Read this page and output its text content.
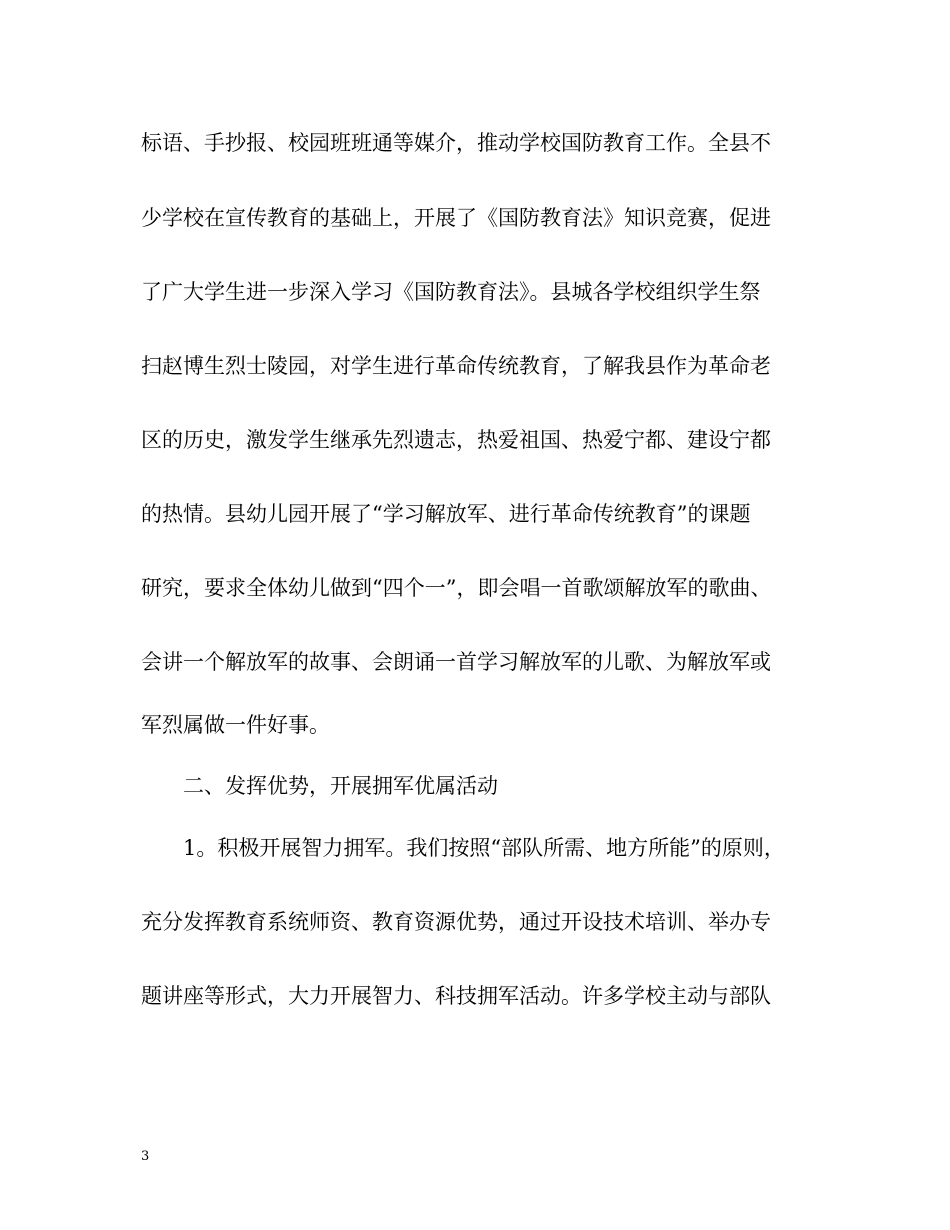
标语、手抄报、校园班班通等媒介，推动学校国防教育工作。全县不
少学校在宣传教育的基础上，开展了《国防教育法》知识竞赛，促进
了广大学生进一步深入学习《国防教育法》。县城各学校组织学生祭
扫赵博生烈士陵园，对学生进行革命传统教育，了解我县作为革命老
区的历史，激发学生继承先烈遗志，热爱祖国、热爱宁都、建设宁都
的热情。县幼儿园开展了“学习解放军、进行革命传统教育”的课题
研究，要求全体幼儿做到“四个一”，即会唱一首歌颂解放军的歌曲、
会讲一个解放军的故事、会朗诵一首学习解放军的儿歌、为解放军或
军烈属做一件好事。
二、发挥优势，开展拥军优属活动
1。积极开展智力拥军。我们按照“部队所需、地方所能”的原则，
充分发挥教育系统师资、教育资源优势，通过开设技术培训、举办专
题讲座等形式，大力开展智力、科技拥军活动。许多学校主动与部队
3
